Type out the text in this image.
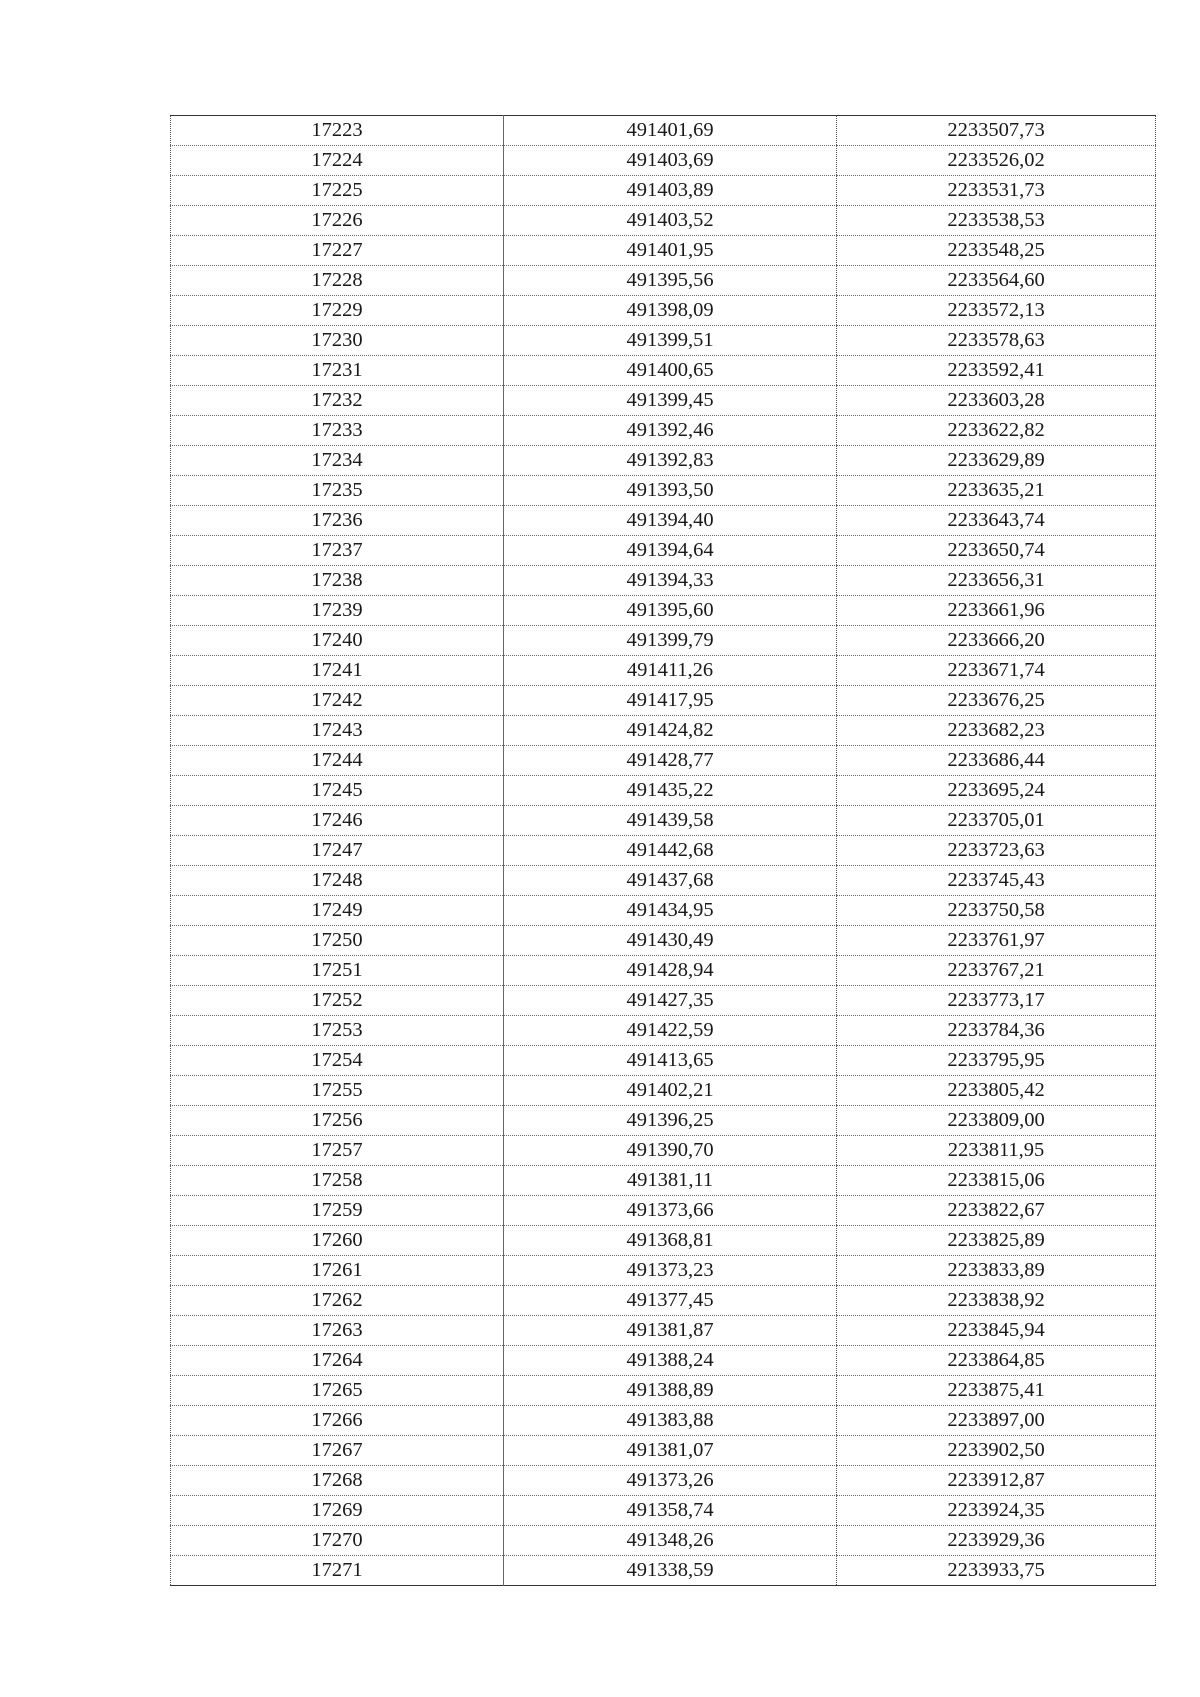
17223	491401,69	2233507,73
17224	491403,69	2233526,02
17225	491403,89	2233531,73
17226	491403,52	2233538,53
17227	491401,95	2233548,25
17228	491395,56	2233564,60
17229	491398,09	2233572,13
17230	491399,51	2233578,63
17231	491400,65	2233592,41
17232	491399,45	2233603,28
17233	491392,46	2233622,82
17234	491392,83	2233629,89
17235	491393,50	2233635,21
17236	491394,40	2233643,74
17237	491394,64	2233650,74
17238	491394,33	2233656,31
17239	491395,60	2233661,96
17240	491399,79	2233666,20
17241	491411,26	2233671,74
17242	491417,95	2233676,25
17243	491424,82	2233682,23
17244	491428,77	2233686,44
17245	491435,22	2233695,24
17246	491439,58	2233705,01
17247	491442,68	2233723,63
17248	491437,68	2233745,43
17249	491434,95	2233750,58
17250	491430,49	2233761,97
17251	491428,94	2233767,21
17252	491427,35	2233773,17
17253	491422,59	2233784,36
17254	491413,65	2233795,95
17255	491402,21	2233805,42
17256	491396,25	2233809,00
17257	491390,70	2233811,95
17258	491381,11	2233815,06
17259	491373,66	2233822,67
17260	491368,81	2233825,89
17261	491373,23	2233833,89
17262	491377,45	2233838,92
17263	491381,87	2233845,94
17264	491388,24	2233864,85
17265	491388,89	2233875,41
17266	491383,88	2233897,00
17267	491381,07	2233902,50
17268	491373,26	2233912,87
17269	491358,74	2233924,35
17270	491348,26	2233929,36
17271	491338,59	2233933,75
